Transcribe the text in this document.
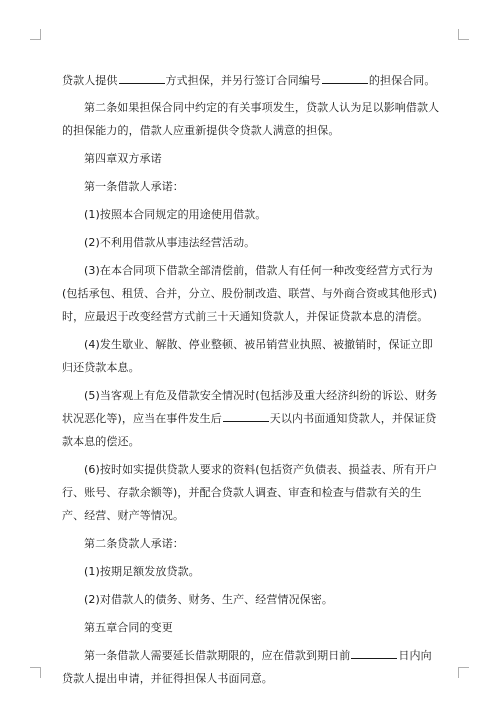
贷款人提供	方式担保，并另行签订合同编号	的担保合同。

第二条如果担保合同中约定的有关事项发生，贷款人认为足以影响借款人的担保能力的，借款人应重新提供令贷款人满意的担保。

第四章双方承诺

第一条借款人承诺：

(1)按照本合同规定的用途使用借款。

(2)不利用借款从事违法经营活动。

(3)在本合同项下借款全部清偿前，借款人有任何一种改变经营方式行为(包括承包、租赁、合并，分立、股份制改造、联营、与外商合资或其他形式)时，应最迟于改变经营方式前三十天通知贷款人，并保证贷款本息的清偿。

(4)发生歇业、解散、停业整顿、被吊销营业执照、被撤销时，保证立即归还贷款本息。

(5)当客观上有危及借款安全情况时(包括涉及重大经济纠纷的诉讼、财务状况恶化等)，应当在事件发生后	天以内书面通知贷款人，并保证贷款本息的偿还。

(6)按时如实提供贷款人要求的资料(包括资产负债表、损益表、所有开户行、账号、存款余额等)，并配合贷款人调查、审查和检查与借款有关的生产、经营、财产等情况。

第二条贷款人承诺：

(1)按期足额发放贷款。

(2)对借款人的债务、财务、生产、经营情况保密。

第五章合同的变更

第一条借款人需要延长借款期限的，应在借款到期日前	日内向贷款人提出申请，并征得担保人书面同意。
